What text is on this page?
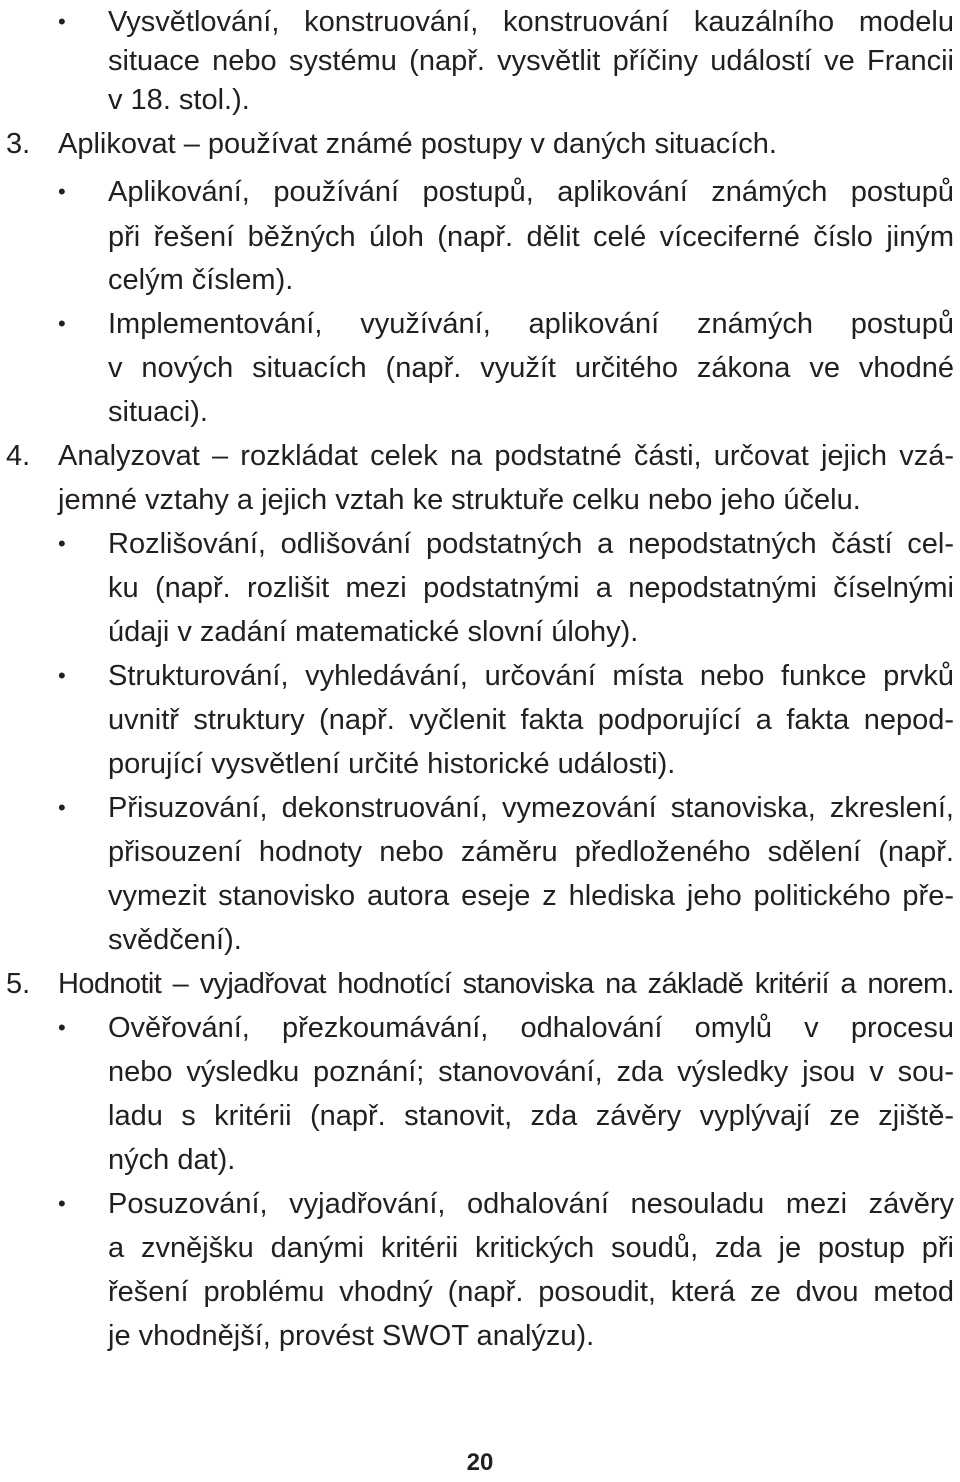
• Vysvětlování, konstruování, konstruování kauzálního modelu

situace nebo systému (např. vysvětlit příčiny událostí ve Francii

v 18. stol.).

3. Aplikovat – používat známé postupy v daných situacích.

• Aplikování, používání postupů, aplikování známých postupů

při řešení běžných úloh (např. dělit celé víceciferné číslo jiným

celým číslem).

• Implementování, využívání, aplikování známých postupů

v nových situacích (např. využít určitého zákona ve vhodné

situaci).

4. Analyzovat – rozkládat celek na podstatné části, určovat jejich vzá-

jemné vztahy a jejich vztah ke struktuře celku nebo jeho účelu.

• Rozlišování, odlišování podstatných a nepodstatných částí cel-

ku (např. rozlišit mezi podstatnými a nepodstatnými číselnými

údaji v zadání matematické slovní úlohy).

• Strukturování, vyhledávání, určování místa nebo funkce prvků

uvnitř struktury (např. vyčlenit fakta podporující a fakta nepod-

porující vysvětlení určité historické události).

• Přisuzování, dekonstruování, vymezování stanoviska, zkreslení,

přisouzení hodnoty nebo záměru předloženého sdělení (např.

vymezit stanovisko autora eseje z hlediska jeho politického pře-

svědčení).

5. Hodnotit – vyjadřovat hodnotící stanoviska na základě kritérií a norem.

• Ověřování, přezkoumávání, odhalování omylů v procesu

nebo výsledku poznání; stanovování, zda výsledky jsou v sou-

ladu s kritérii (např. stanovit, zda závěry vyplývají ze zjiště-

ných dat).

• Posuzování, vyjadřování, odhalování nesouladu mezi závěry

a zvnějšku danými kritérii kritických soudů, zda je postup při

řešení problému vhodný (např. posoudit, která ze dvou metod

je vhodnější, provést SWOT analýzu).

20
